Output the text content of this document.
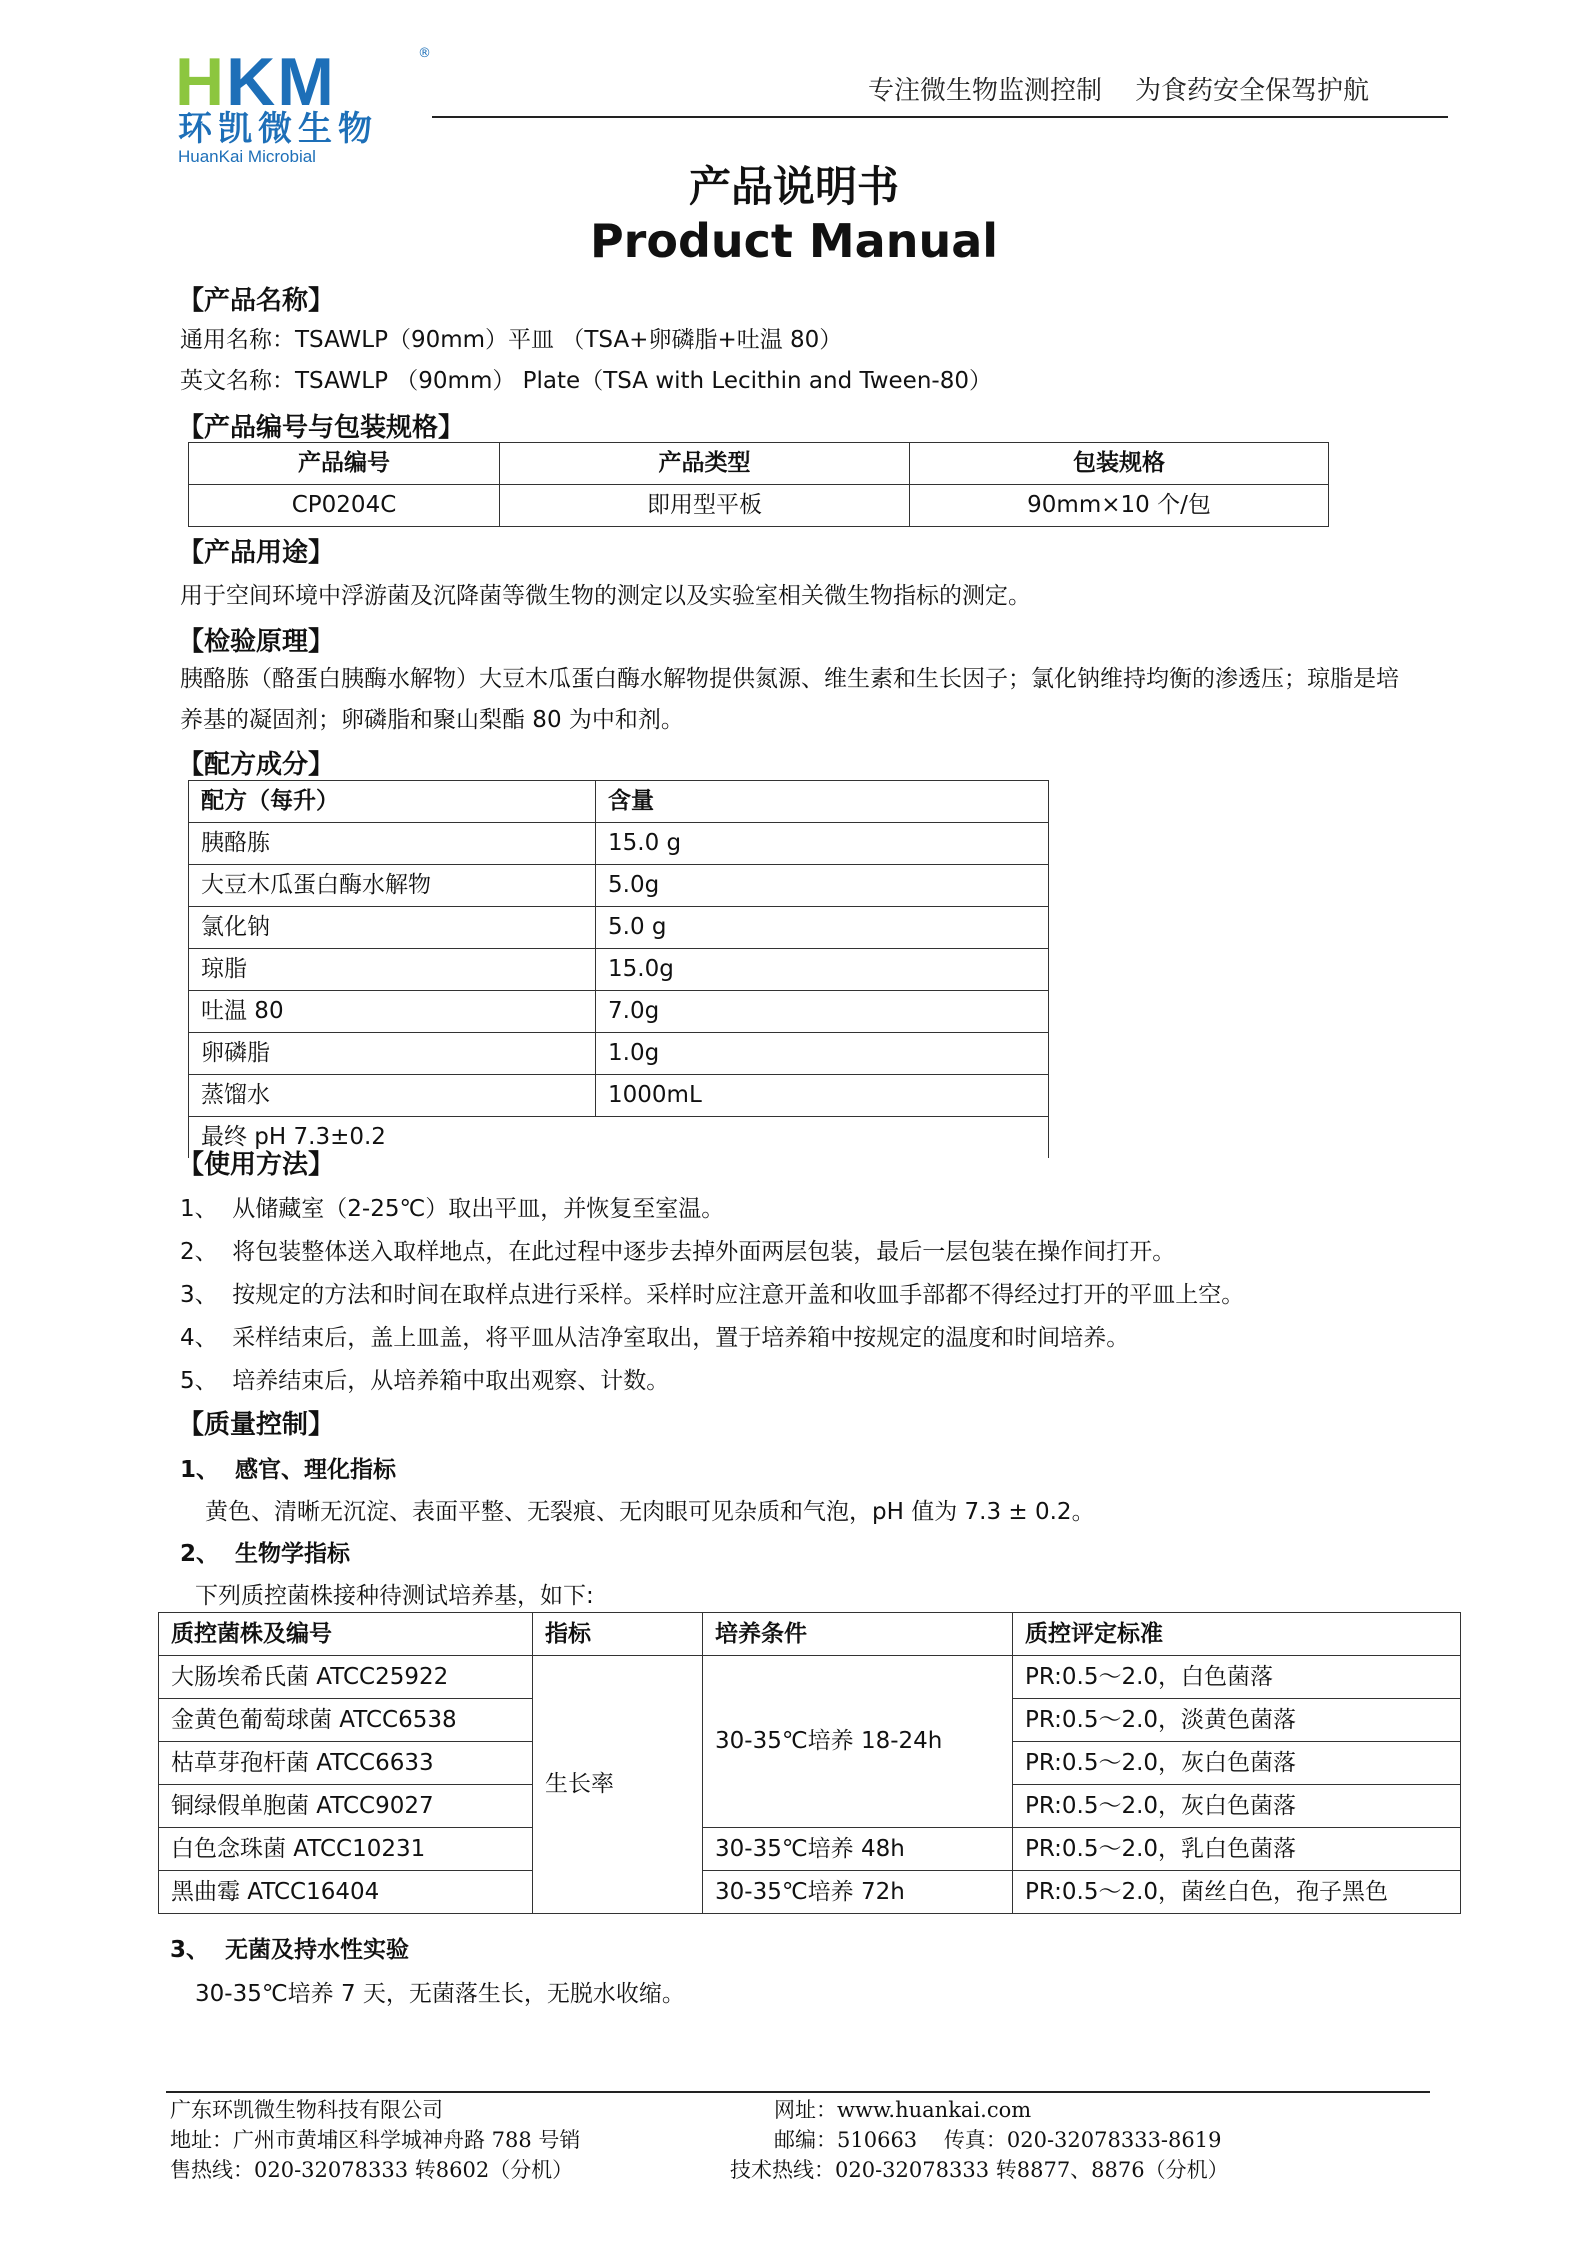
HKM	®
环凯微生物
HuanKai Microbial
专注微生物监测控制    为食药安全保驾护航
产品说明书
Product Manual
【产品名称】
通用名称：TSAWLP（90mm）平皿 （TSA+卵磷脂+吐温 80）
英文名称：TSAWLP （90mm） Plate（TSA with Lecithin and Tween-80）
【产品编号与包装规格】
产品编号	产品类型	包装规格
CP0204C	即用型平板	90mm×10 个/包
【产品用途】
用于空间环境中浮游菌及沉降菌等微生物的测定以及实验室相关微生物指标的测定。
【检验原理】
胰酪胨（酪蛋白胰酶水解物）大豆木瓜蛋白酶水解物提供氮源、维生素和生长因子；氯化钠维持均衡的渗透压；琼脂是培
养基的凝固剂；卵磷脂和聚山梨酯 80 为中和剂。
【配方成分】
配方（每升）	含量
胰酪胨	15.0 g
大豆木瓜蛋白酶水解物	5.0g
氯化钠	5.0 g
琼脂	15.0g
吐温 80	7.0g
卵磷脂	1.0g
蒸馏水	1000mL
最终 pH 7.3±0.2	
【使用方法】
1、  从储藏室（2-25℃）取出平皿，并恢复至室温。
2、  将包装整体送入取样地点，在此过程中逐步去掉外面两层包装，最后一层包装在操作间打开。
3、  按规定的方法和时间在取样点进行采样。采样时应注意开盖和收皿手部都不得经过打开的平皿上空。
4、  采样结束后，盖上皿盖，将平皿从洁净室取出，置于培养箱中按规定的温度和时间培养。
5、  培养结束后，从培养箱中取出观察、计数。
【质量控制】
1、  感官、理化指标
黄色、清晰无沉淀、表面平整、无裂痕、无肉眼可见杂质和气泡，pH 值为 7.3 ± 0.2。
2、  生物学指标
下列质控菌株接种待测试培养基，如下:
质控菌株及编号	指标	培养条件	质控评定标准
大肠埃希氏菌 ATCC25922	生长率	30-35℃培养 18-24h	PR:0.5～2.0，白色菌落
金黄色葡萄球菌 ATCC6538			PR:0.5～2.0，淡黄色菌落
枯草芽孢杆菌 ATCC6633			PR:0.5～2.0，灰白色菌落
铜绿假单胞菌 ATCC9027			PR:0.5～2.0，灰白色菌落
白色念珠菌 ATCC10231		30-35℃培养 48h	PR:0.5～2.0，乳白色菌落
黑曲霉 ATCC16404		30-35℃培养 72h	PR:0.5～2.0，菌丝白色，孢子黑色
3、  无菌及持水性实验
30-35℃培养 7 天，无菌落生长，无脱水收缩。
广东环凯微生物科技有限公司
地址：广州市黄埔区科学城神舟路 788 号销
售热线：020-32078333 转8602（分机）
网址：www.huankai.com
邮编：510663    传真：020-32078333-8619
技术热线：020-32078333 转8877、8876（分机）
